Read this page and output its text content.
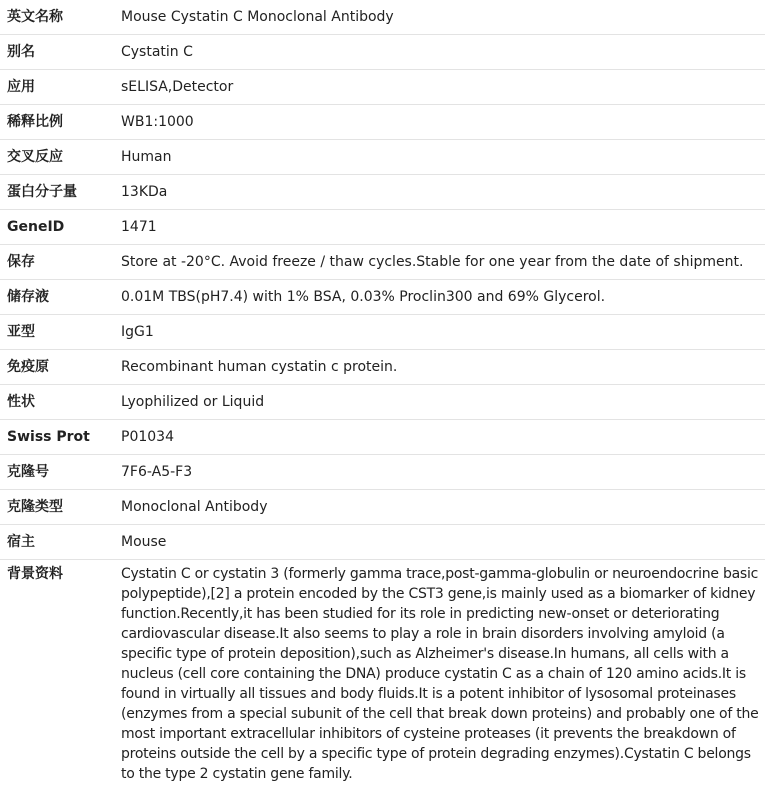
英文名称	Mouse Cystatin C Monoclonal Antibody
别名	Cystatin C
应用	sELISA,Detector
稀释比例	WB1:1000
交叉反应	Human
蛋白分子量	13KDa
GeneID	1471
保存	Store at -20°C. Avoid freeze / thaw cycles.Stable for one year from the date of shipment.
储存液	0.01M TBS(pH7.4) with 1% BSA, 0.03% Proclin300 and 69% Glycerol.
亚型	IgG1
免疫原	Recombinant human cystatin c protein.
性状	Lyophilized or Liquid
Swiss Prot	P01034
克隆号	7F6-A5-F3
克隆类型	Monoclonal Antibody
宿主	Mouse
背景资料	Cystatin C or cystatin 3 (formerly gamma trace,post-gamma-globulin or neuroendocrine basic polypeptide),[2] a protein encoded by the CST3 gene,is mainly used as a biomarker of kidney function.Recently,it has been studied for its role in predicting new-onset or deteriorating cardiovascular disease.It also seems to play a role in brain disorders involving amyloid (a specific type of protein deposition),such as Alzheimer's disease.In humans, all cells with a nucleus (cell core containing the DNA) produce cystatin C as a chain of 120 amino acids.It is found in virtually all tissues and body fluids.It is a potent inhibitor of lysosomal proteinases (enzymes from a special subunit of the cell that break down proteins) and probably one of the most important extracellular inhibitors of cysteine proteases (it prevents the breakdown of proteins outside the cell by a specific type of protein degrading enzymes).Cystatin C belongs to the type 2 cystatin gene family.
